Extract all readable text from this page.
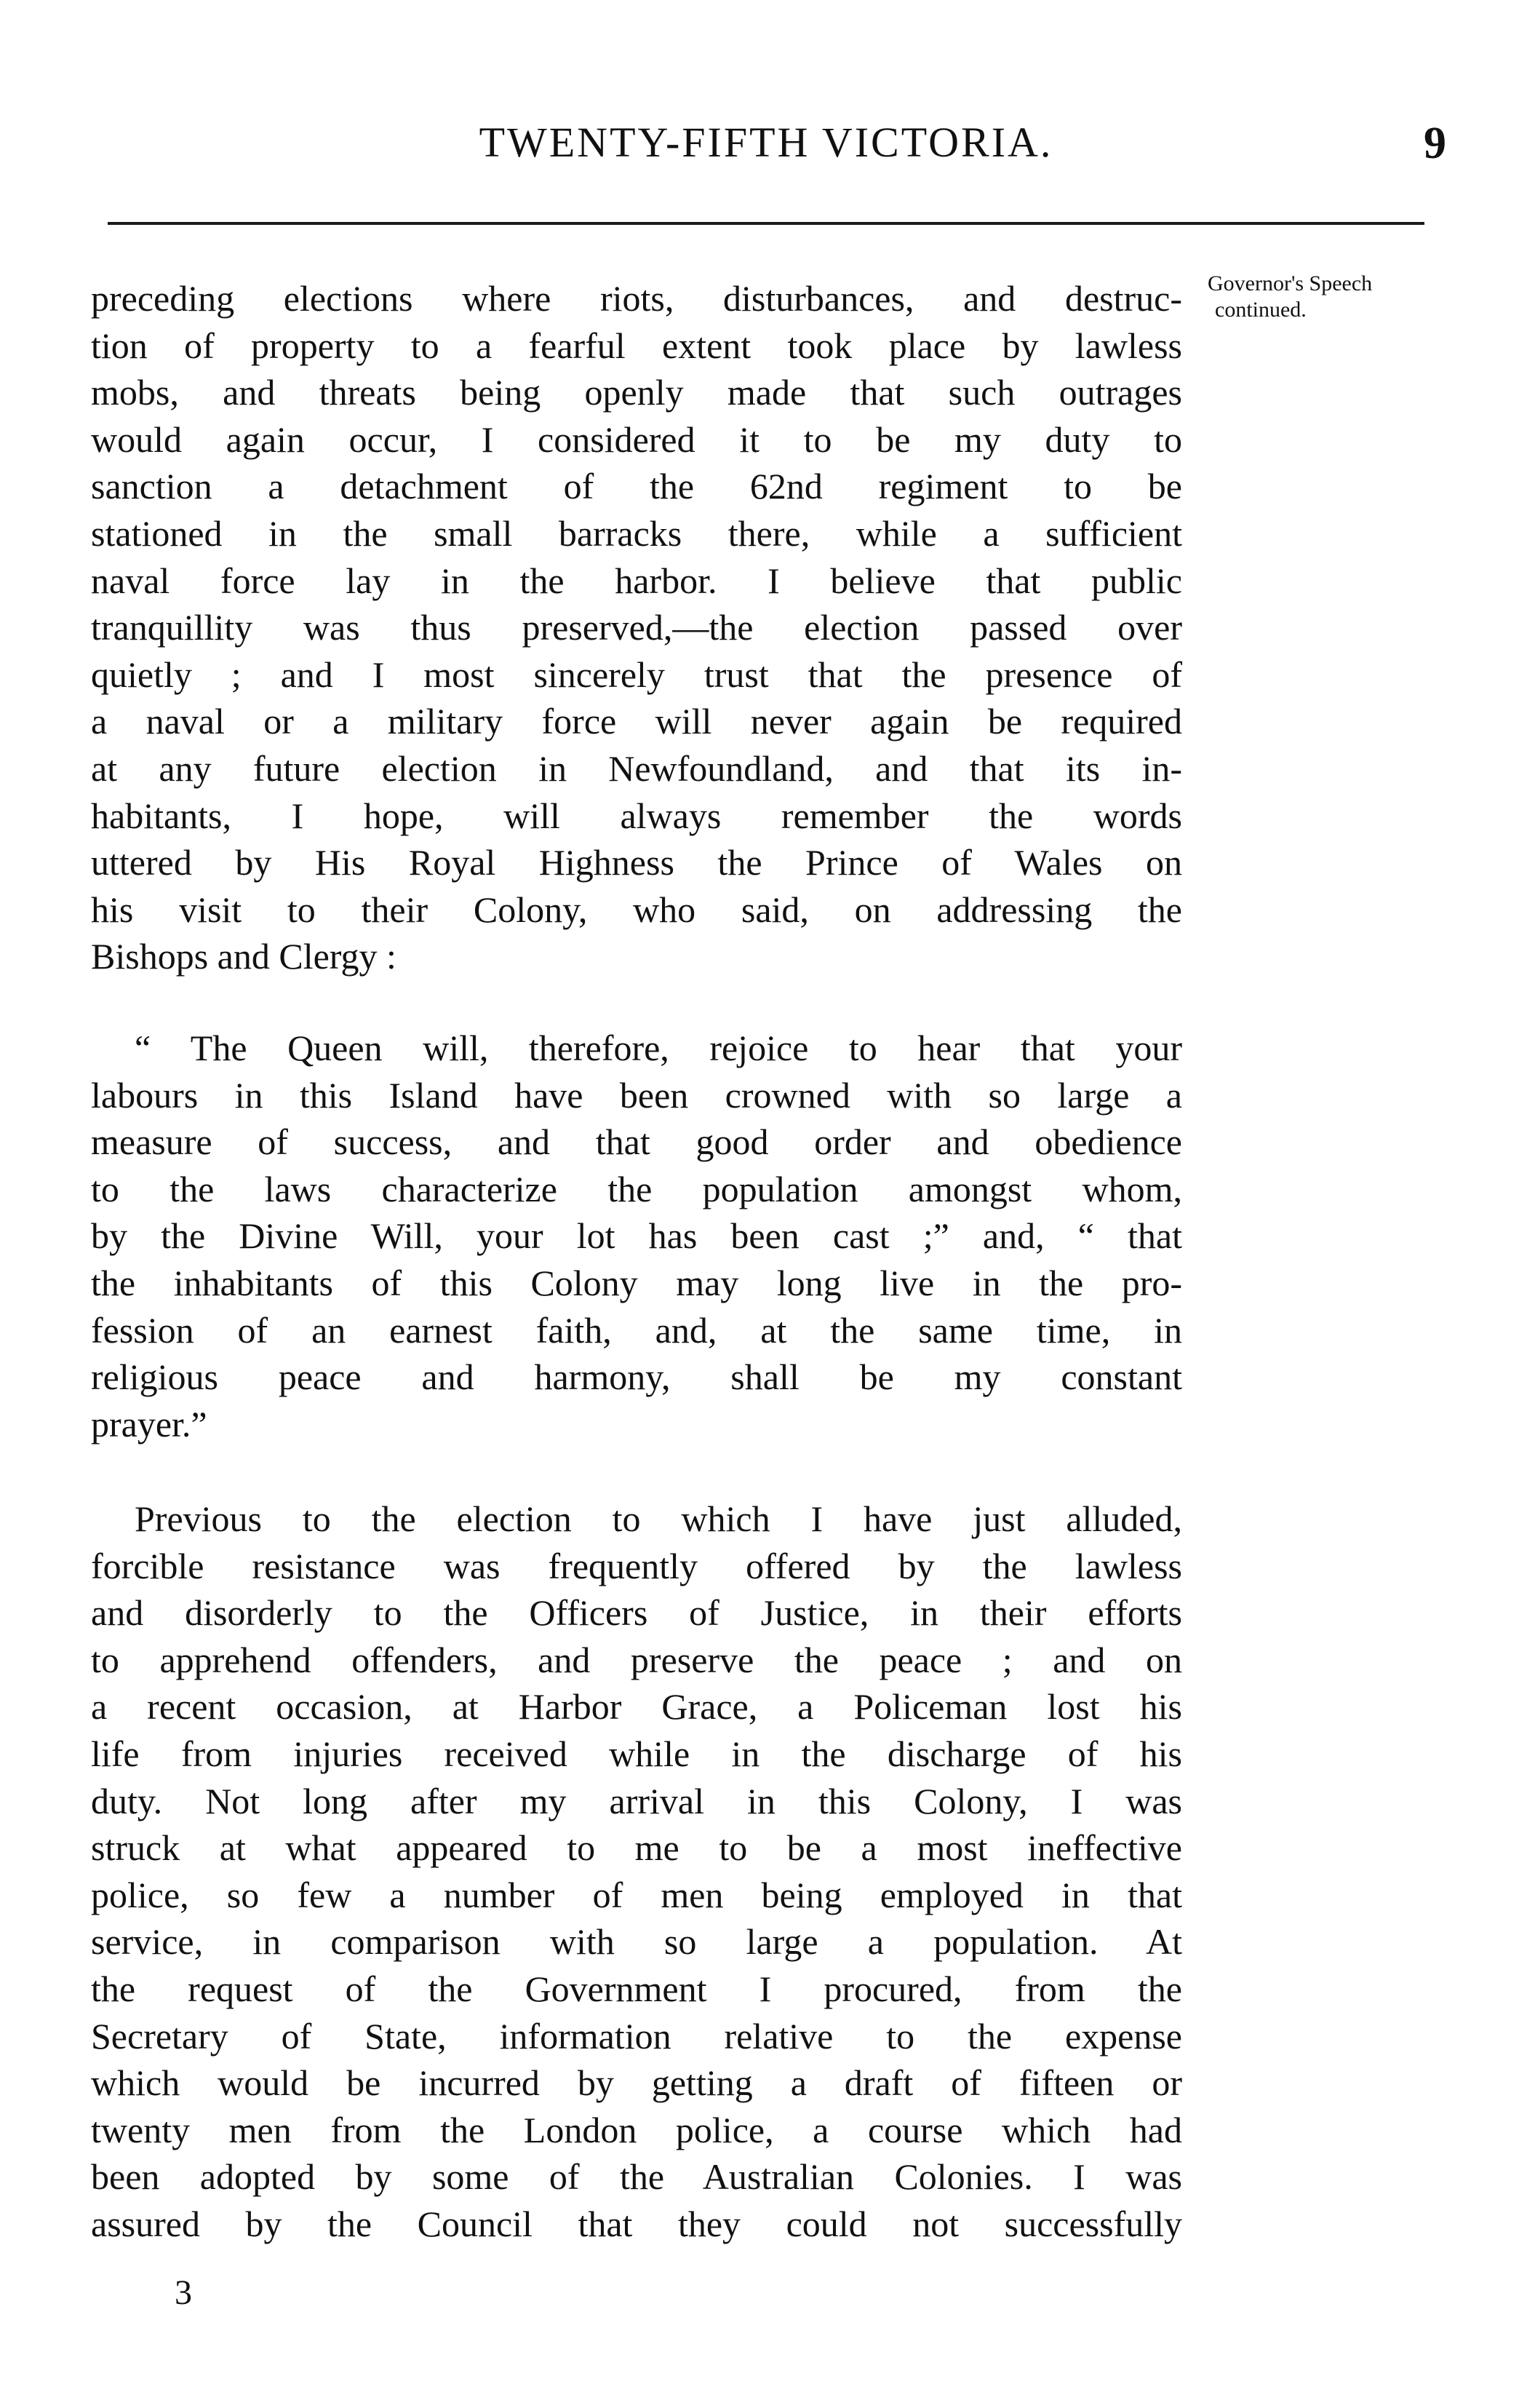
TWENTY-FIFTH VICTORIA.	9
Governor's Speech
continued.
preceding elections where riots, disturbances, and destruc-
tion of property to a fearful extent took place by lawless
mobs, and threats being openly made that such outrages
would again occur, I considered it to be my duty to
sanction a detachment of the 62nd regiment to be
stationed in the small barracks there, while a sufficient
naval force lay in the harbor. I believe that public
tranquillity was thus preserved,—the election passed over
quietly ; and I most sincerely trust that the presence of
a naval or a military force will never again be required
at any future election in Newfoundland, and that its in-
habitants, I hope, will always remember the words
uttered by His Royal Highness the Prince of Wales on
his visit to their Colony, who said, on addressing the
Bishops and Clergy :
“ The Queen will, therefore, rejoice to hear that your
labours in this Island have been crowned with so large a
measure of success, and that good order and obedience
to the laws characterize the population amongst whom,
by the Divine Will, your lot has been cast ;” and, “ that
the inhabitants of this Colony may long live in the pro-
fession of an earnest faith, and, at the same time, in
religious peace and harmony, shall be my constant
prayer.”
Previous to the election to which I have just alluded,
forcible resistance was frequently offered by the lawless
and disorderly to the Officers of Justice, in their efforts
to apprehend offenders, and preserve the peace ; and on
a recent occasion, at Harbor Grace, a Policeman lost his
life from injuries received while in the discharge of his
duty. Not long after my arrival in this Colony, I was
struck at what appeared to me to be a most ineffective
police, so few a number of men being employed in that
service, in comparison with so large a population. At
the request of the Government I procured, from the
Secretary of State, information relative to the expense
which would be incurred by getting a draft of fifteen or
twenty men from the London police, a course which had
been adopted by some of the Australian Colonies. I was
assured by the Council that they could not successfully
3
